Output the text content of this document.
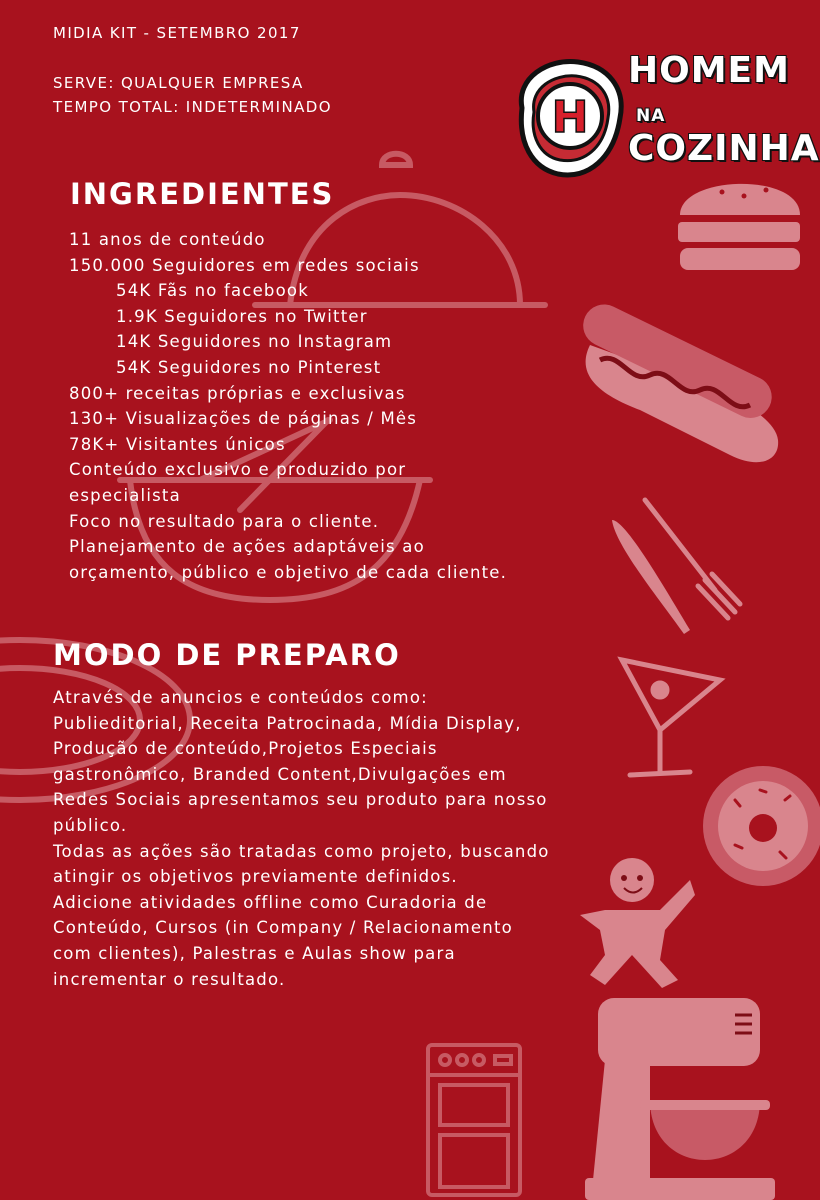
MIDIA KIT - SETEMBRO 2017
SERVE: QUALQUER EMPRESA
TEMPO TOTAL: INDETERMINADO	H
HOMEM
NA
COZINHA
INGREDIENTES
11 anos de conteúdo
150.000 Seguidores em redes sociais
54K Fãs no facebook
1.9K Seguidores no Twitter
14K Seguidores no Instagram
54K Seguidores no Pinterest
800+ receitas próprias e exclusivas
130+ Visualizações de páginas / Mês
78K+ Visitantes únicos
Conteúdo exclusivo e produzido por especialista
Foco no resultado para o cliente.
Planejamento de ações adaptáveis ao orçamento, público e objetivo de cada cliente.
MODO DE PREPARO

Através de anuncios e conteúdos como: Publieditorial, Receita Patrocinada, Mídia Display, Produção de conteúdo,Projetos Especiais gastronômico, Branded Content,Divulgações em Redes Sociais apresentamos seu produto para nosso público.

Todas as ações são tratadas como projeto, buscando atingir os objetivos previamente definidos.

Adicione atividades offline como Curadoria de Conteúdo, Cursos (in Company / Relacionamento com clientes), Palestras e Aulas show para incrementar o resultado.
